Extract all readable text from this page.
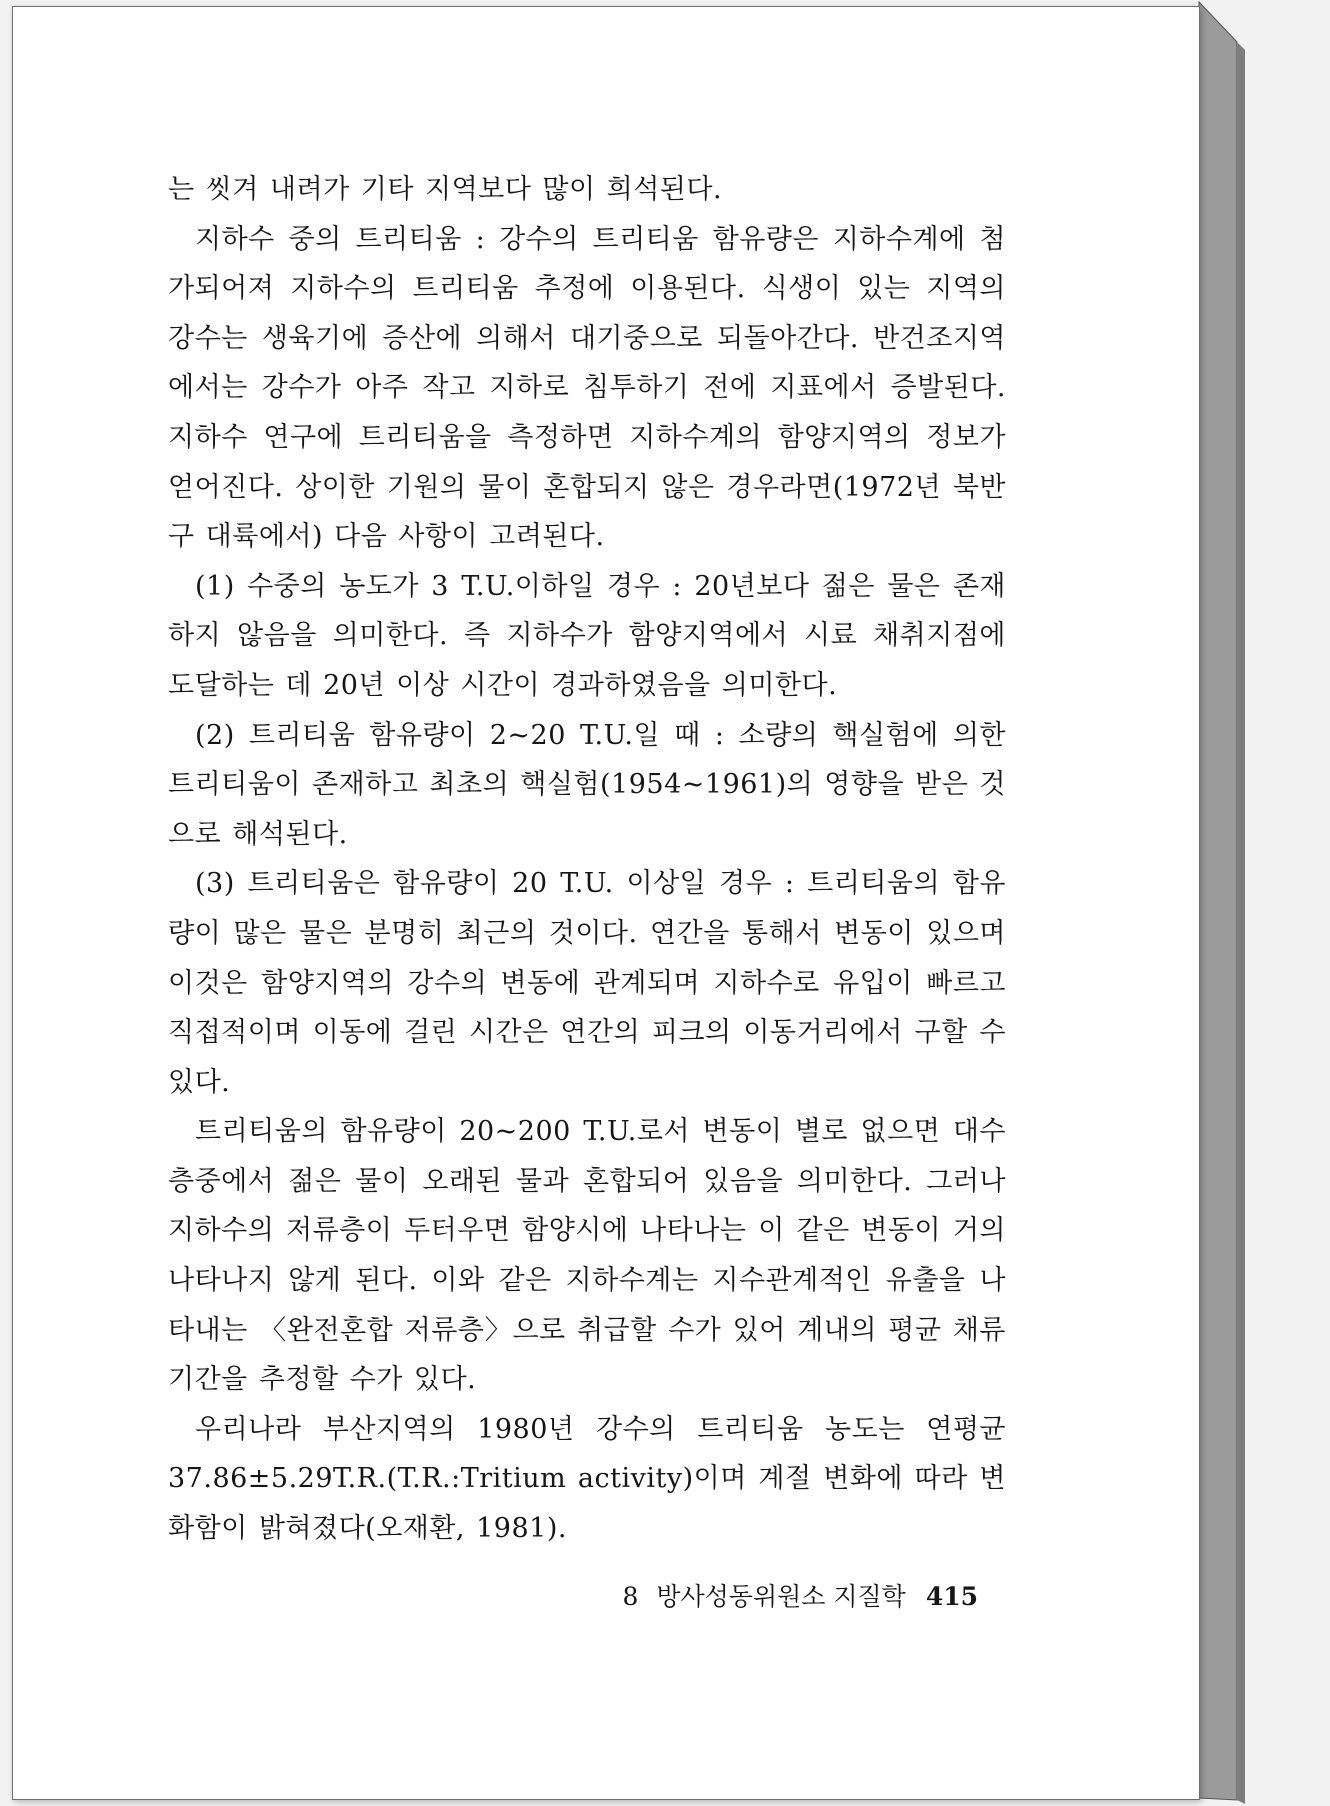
는 씻겨 내려가 기타 지역보다 많이 희석된다.

지하수 중의 트리티움 : 강수의 트리티움 함유량은 지하수계에 첨가되어져 지하수의 트리티움 추정에 이용된다. 식생이 있는 지역의 강수는 생육기에 증산에 의해서 대기중으로 되돌아간다. 반건조지역에서는 강수가 아주 작고 지하로 침투하기 전에 지표에서 증발된다. 지하수 연구에 트리티움을 측정하면 지하수계의 함양지역의 정보가 얻어진다. 상이한 기원의 물이 혼합되지 않은 경우라면(1972년 북반구 대륙에서) 다음 사항이 고려된다.

(1) 수중의 농도가 3 T.U.이하일 경우 : 20년보다 젊은 물은 존재하지 않음을 의미한다. 즉 지하수가 함양지역에서 시료 채취지점에 도달하는 데 20년 이상 시간이 경과하였음을 의미한다.

(2) 트리티움 함유량이 2~20 T.U.일 때 : 소량의 핵실험에 의한 트리티움이 존재하고 최초의 핵실험(1954~1961)의 영향을 받은 것으로 해석된다.

(3) 트리티움은 함유량이 20 T.U. 이상일 경우 : 트리티움의 함유량이 많은 물은 분명히 최근의 것이다. 연간을 통해서 변동이 있으며 이것은 함양지역의 강수의 변동에 관계되며 지하수로 유입이 빠르고 직접적이며 이동에 걸린 시간은 연간의 피크의 이동거리에서 구할 수 있다.

트리티움의 함유량이 20~200 T.U.로서 변동이 별로 없으면 대수층중에서 젊은 물이 오래된 물과 혼합되어 있음을 의미한다. 그러나 지하수의 저류층이 두터우면 함양시에 나타나는 이 같은 변동이 거의 나타나지 않게 된다. 이와 같은 지하수계는 지수관계적인 유출을 나타내는 〈완전혼합 저류층〉으로 취급할 수가 있어 계내의 평균 채류기간을 추정할 수가 있다.

우리나라 부산지역의 1980년 강수의 트리티움 농도는 연평균 37.86±5.29T.R.(T.R.:Tritium activity)이며 계절 변화에 따라 변화함이 밝혀졌다(오재환, 1981).

8 방사성동위원소 지질학 415
